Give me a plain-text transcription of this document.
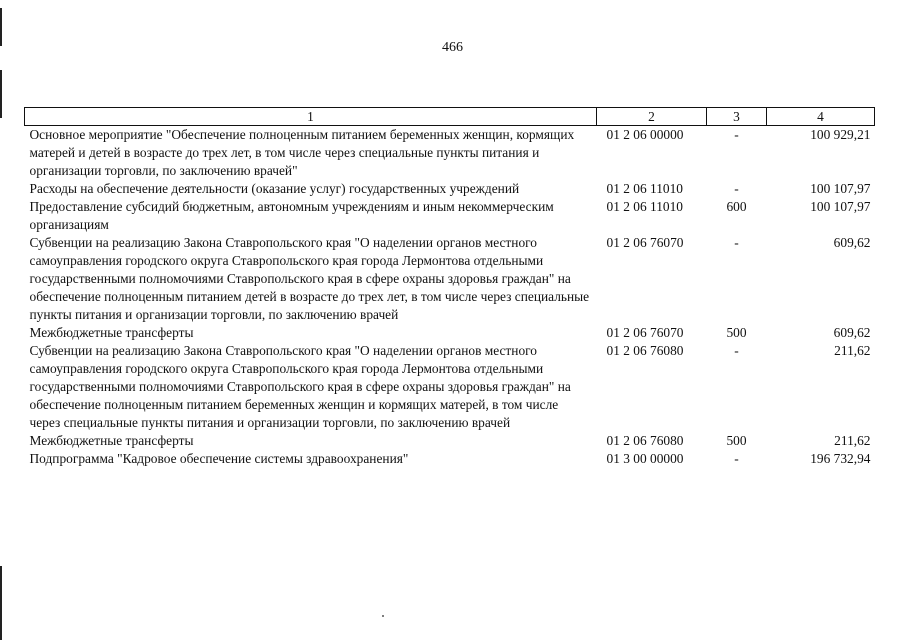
466
1	2	3	4
Основное мероприятие "Обеспечение полноценным питанием беременных женщин, кормящих матерей и детей в возрасте до трех лет, в том числе через специальные пункты питания и организации торговли, по заключению врачей"	01 2 06 00000	-	100 929,21
Расходы на обеспечение деятельности (оказание услуг) государственных учреждений	01 2 06 11010	-	100 107,97
Предоставление субсидий бюджетным, автономным учреждениям и иным некоммерческим организациям	01 2 06 11010	600	100 107,97
Субвенции на реализацию Закона Ставропольского края "О наделении органов местного самоуправления городского округа Ставропольского края города Лермонтова отдельными государственными полномочиями Ставропольского края в сфере охраны здоровья граждан" на обеспечение полноценным питанием детей в возрасте до трех лет, в том числе через специальные пункты питания и организации торговли, по заключению врачей	01 2 06 76070	-	609,62
Межбюджетные трансферты	01 2 06 76070	500	609,62
Субвенции на реализацию Закона Ставропольского края "О наделении органов местного самоуправления городского округа Ставропольского края города Лермонтова отдельными государственными полномочиями Ставропольского края в сфере охраны здоровья граждан" на обеспечение полноценным питанием беременных женщин и кормящих матерей, в том числе через специальные пункты питания и организации торговли, по заключению врачей	01 2 06 76080	-	211,62
Межбюджетные трансферты	01 2 06 76080	500	211,62
Подпрограмма "Кадровое обеспечение системы здравоохранения"	01 3 00 00000	-	196 732,94
